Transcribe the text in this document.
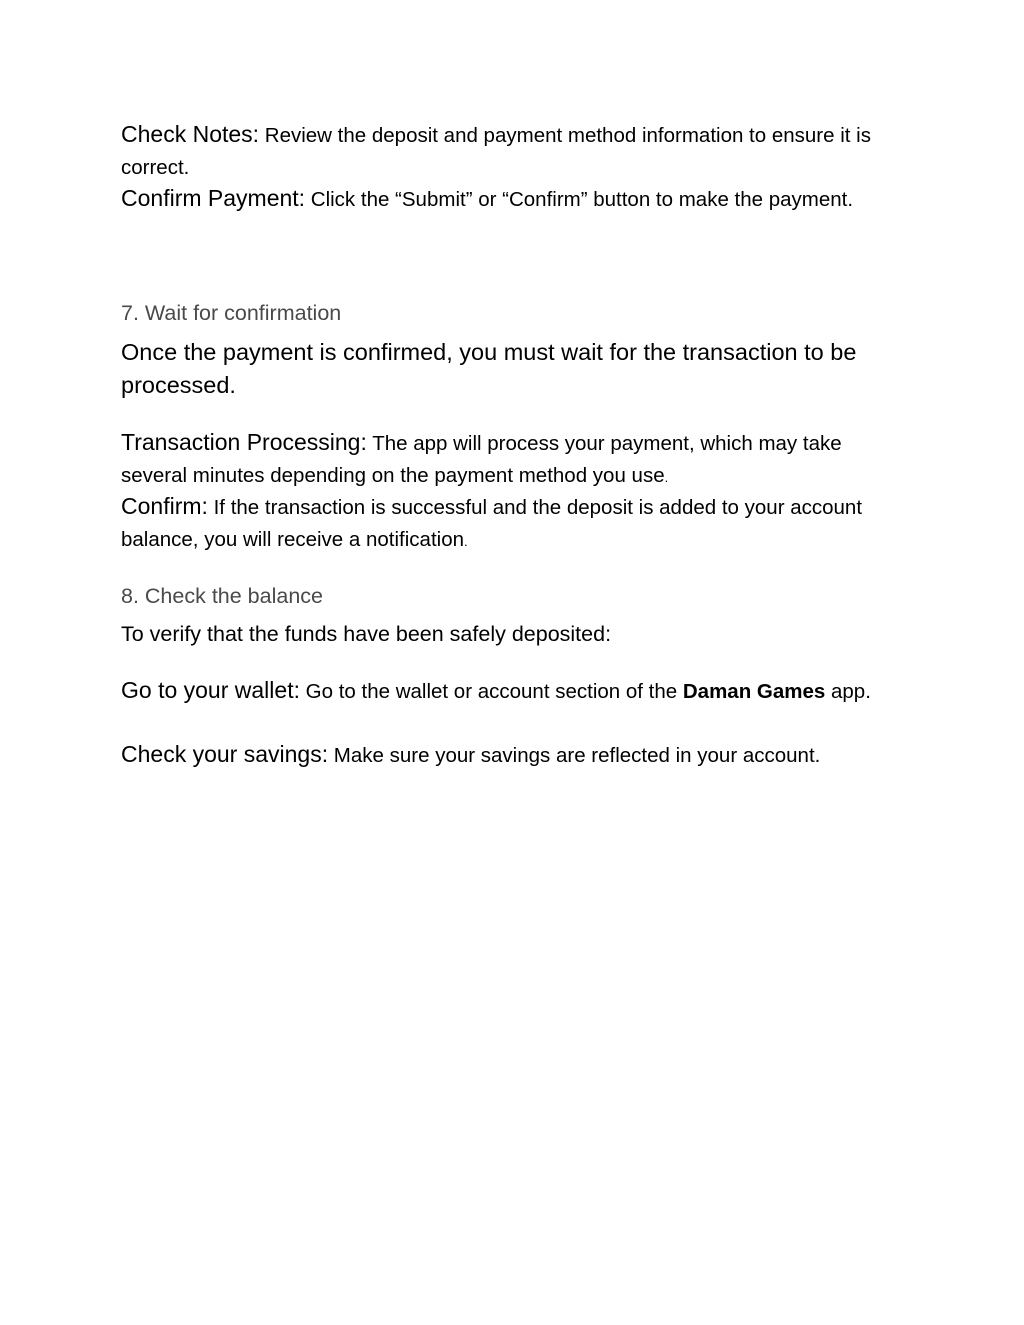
Check Notes: Review the deposit and payment method information to ensure it is correct.

Confirm Payment: Click the “Submit” or “Confirm” button to make the payment.

7. Wait for confirmation

Once the payment is confirmed, you must wait for the transaction to be processed.

Transaction Processing: The app will process your payment, which may take several minutes depending on the payment method you use.

Confirm: If the transaction is successful and the deposit is added to your account balance, you will receive a notification.

8. Check the balance

To verify that the funds have been safely deposited:

Go to your wallet: Go to the wallet or account section of the Daman Games app.

Check your savings: Make sure your savings are reflected in your account.
